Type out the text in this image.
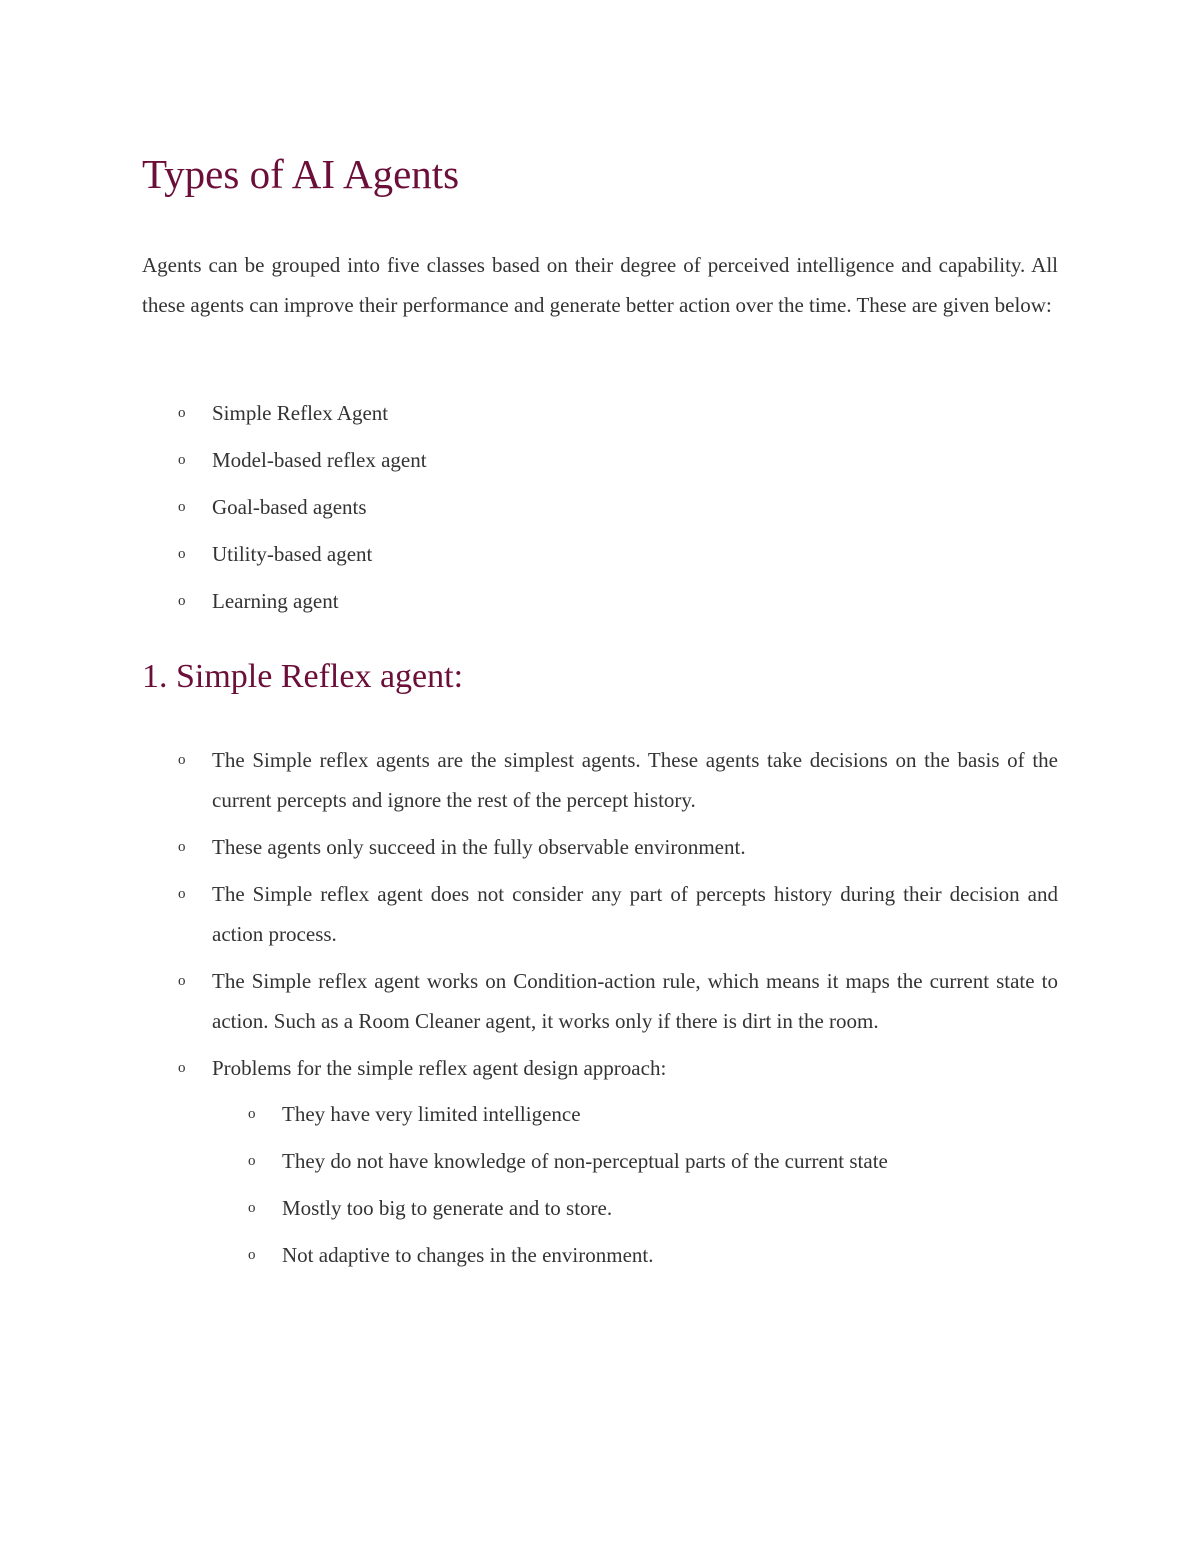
Types of AI Agents

Agents can be grouped into five classes based on their degree of perceived intelligence and capability. All these agents can improve their performance and generate better action over the time. These are given below:

o Simple Reflex Agent
o Model-based reflex agent
o Goal-based agents
o Utility-based agent
o Learning agent
1. Simple Reflex agent:
o The Simple reflex agents are the simplest agents. These agents take decisions on the basis of the current percepts and ignore the rest of the percept history.
o These agents only succeed in the fully observable environment.
o The Simple reflex agent does not consider any part of percepts history during their decision and action process.
o The Simple reflex agent works on Condition-action rule, which means it maps the current state to action. Such as a Room Cleaner agent, it works only if there is dirt in the room.
o Problems for the simple reflex agent design approach:
o They have very limited intelligence
o They do not have knowledge of non-perceptual parts of the current state
o Mostly too big to generate and to store.
o Not adaptive to changes in the environment.
